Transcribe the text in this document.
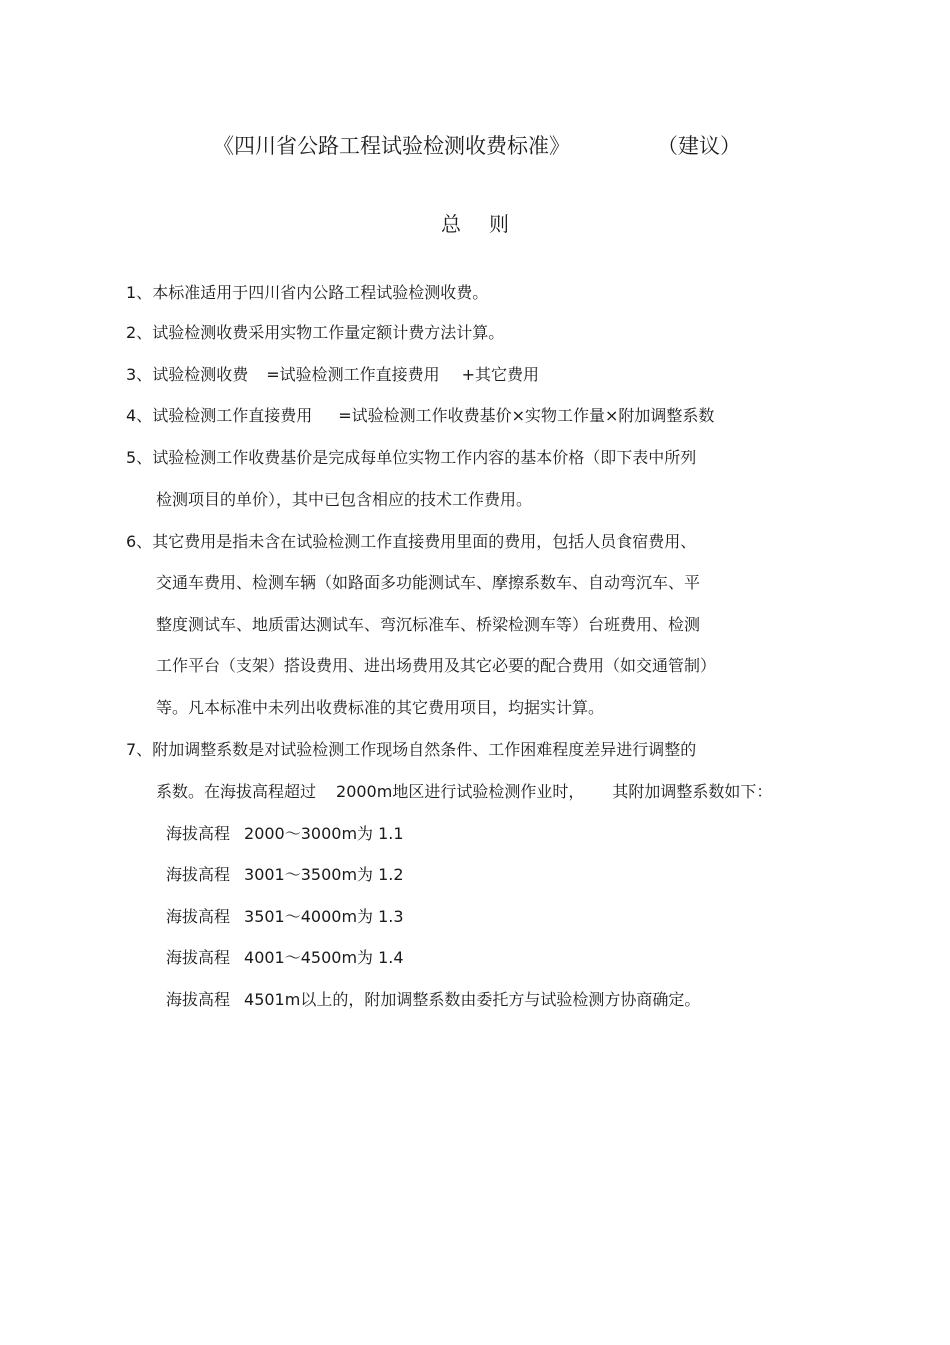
《四川省公路工程试验检测收费标准》	（建议）
总则
1、本标准适用于四川省内公路工程试验检测收费。
2、试验检测收费采用实物工作量定额计费方法计算。
3、试验检测收费 =试验检测工作直接费用 +其它费用
4、试验检测工作直接费用 =试验检测工作收费基价×实物工作量×附加调整系数
5、试验检测工作收费基价是完成每单位实物工作内容的基本价格（即下表中所列
检测项目的单价），其中已包含相应的技术工作费用。
6、其它费用是指未含在试验检测工作直接费用里面的费用，包括人员食宿费用、
交通车费用、检测车辆（如路面多功能测试车、摩擦系数车、自动弯沉车、平
整度测试车、地质雷达测试车、弯沉标准车、桥梁检测车等）台班费用、检测
工作平台（支架）搭设费用、进出场费用及其它必要的配合费用（如交通管制）
等。凡本标准中未列出收费标准的其它费用项目，均据实计算。
7、附加调整系数是对试验检测工作现场自然条件、工作困难程度差异进行调整的
系数。在海拔高程超过 2000m地区进行试验检测作业时， 其附加调整系数如下：
海拔高程 2000～3000m为 1.1
海拔高程 3001～3500m为 1.2
海拔高程 3501～4000m为 1.3
海拔高程 4001～4500m为 1.4
海拔高程 4501m以上的，附加调整系数由委托方与试验检测方协商确定。
